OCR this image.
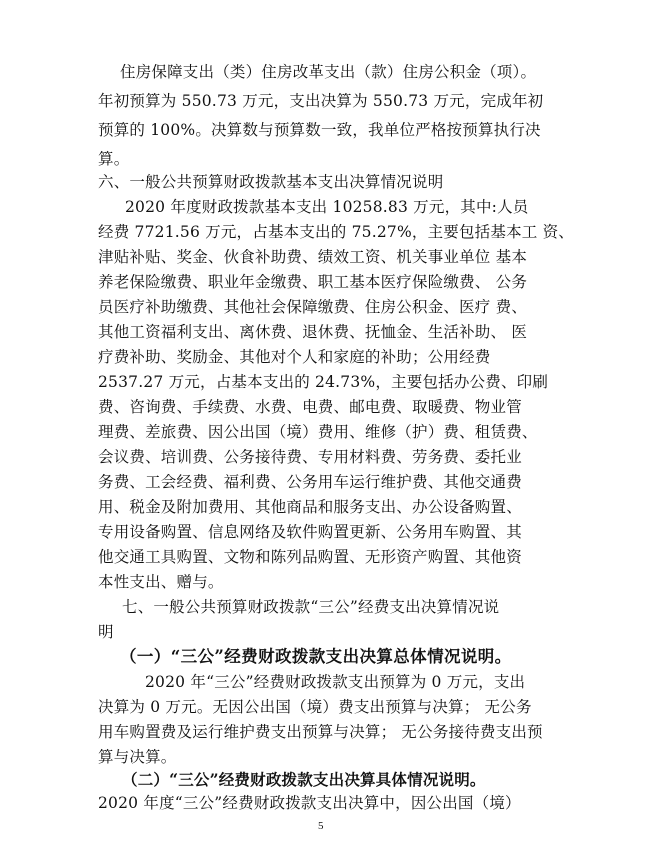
住房保障支出（类）住房改革支出（款）住房公积金（项）。
年初预算为 550.73 万元，支出决算为 550.73 万元，完成年初
预算的 100%。决算数与预算数一致，我单位严格按预算执行决
算。
六、一般公共预算财政拨款基本支出决算情况说明
2020 年度财政拨款基本支出 10258.83 万元，其中:人员
经费 7721.56 万元，占基本支出的 75.27%，主要包括基本工 资、
津贴补贴、奖金、伙食补助费、绩效工资、机关事业单位 基本
养老保险缴费、职业年金缴费、职工基本医疗保险缴费、 公务
员医疗补助缴费、其他社会保障缴费、住房公积金、医疗 费、
其他工资福利支出、离休费、退休费、抚恤金、生活补助、 医
疗费补助、奖励金、其他对个人和家庭的补助；公用经费
2537.27 万元，占基本支出的 24.73%，主要包括办公费、印刷
费、咨询费、手续费、水费、电费、邮电费、取暖费、物业管
理费、差旅费、因公出国（境）费用、维修（护）费、租赁费、
会议费、培训费、公务接待费、专用材料费、劳务费、委托业
务费、工会经费、福利费、公务用车运行维护费、其他交通费
用、税金及附加费用、其他商品和服务支出、办公设备购置、
专用设备购置、信息网络及软件购置更新、公务用车购置、其
他交通工具购置、文物和陈列品购置、无形资产购置、其他资
本性支出、赠与。
七、一般公共预算财政拨款“三公”经费支出决算情况说
明
（一）“三公”经费财政拨款支出决算总体情况说明。
2020 年“三公”经费财政拨款支出预算为 0 万元，支出
决算为 0 万元。无因公出国（境）费支出预算与决算； 无公务
用车购置费及运行维护费支出预算与决算； 无公务接待费支出预
算与决算。
（二）“三公”经费财政拨款支出决算具体情况说明。
2020 年度“三公”经费财政拨款支出决算中，因公出国（境）
5
